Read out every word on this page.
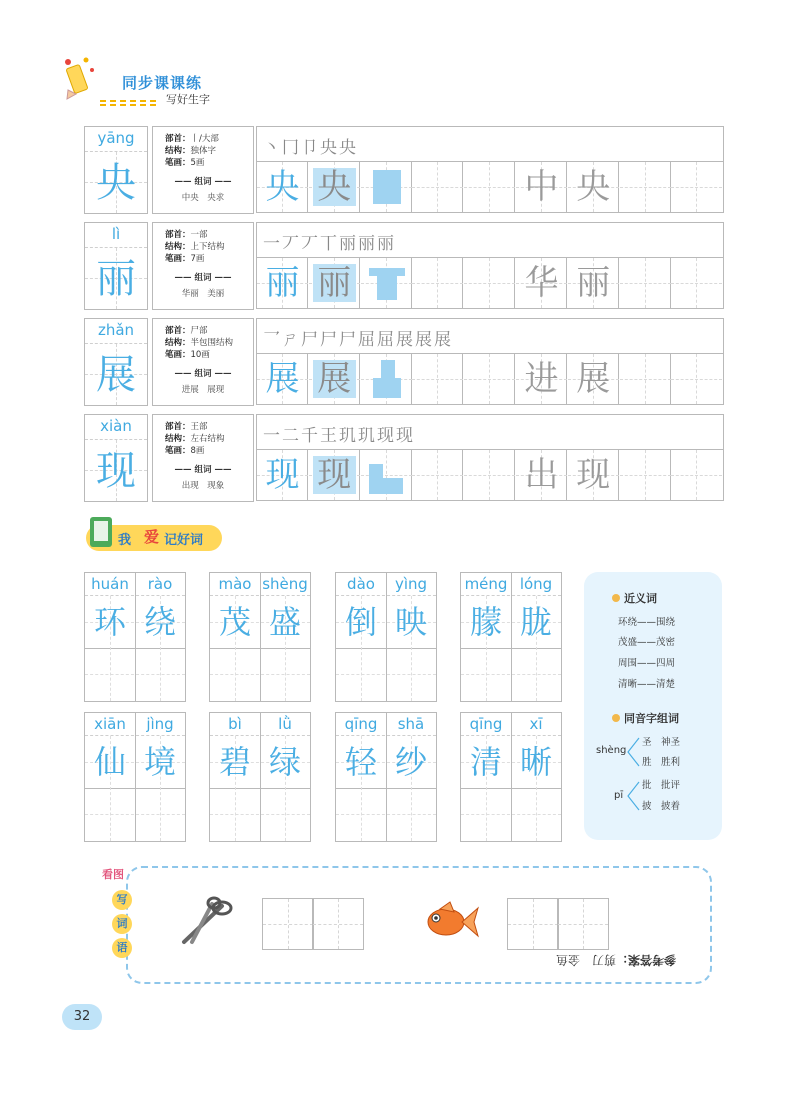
同步课课练
写好生字
yāng
央
部首：丨/大部
结构：独体字
笔画：5画
—— 组词 ——
中央　央求
丶冂⼙央央
央 央	中 央
lì
丽
部首：一部
结构：上下结构
笔画：7画
—— 组词 ——
华丽　美丽
一丆丆丅丽丽丽
丽 丽	华 丽
zhǎn
展
部首：尸部
结构：半包围结构
笔画：10画
—— 组词 ——
进展　展现
乛ㄕ尸尸尸屈屈展展展
展 展	进 展
xiàn
现
部首：王部
结构：左右结构
笔画：8画
—— 组词 ——
出现　现象
一二千王玑玑现现
现 现	出 现
我 爱 记好词
huán	rào
环 绕
mào shèng
茂 盛
dào	yìng
倒 映
méng lóng
朦 胧
xiān	jìng
仙 境
bì	lǜ
碧 绿
qīng	shā
轻 纱
qīng	xī
清 晰
近义词
环绕——围绕
茂盛——茂密
周围——四周
清晰——清楚
同音字组词
shèng
圣　神圣
胜　胜利
pī
批　批评
披　披着
看图
写
词
语
参考答案：剪刀　金鱼
32
